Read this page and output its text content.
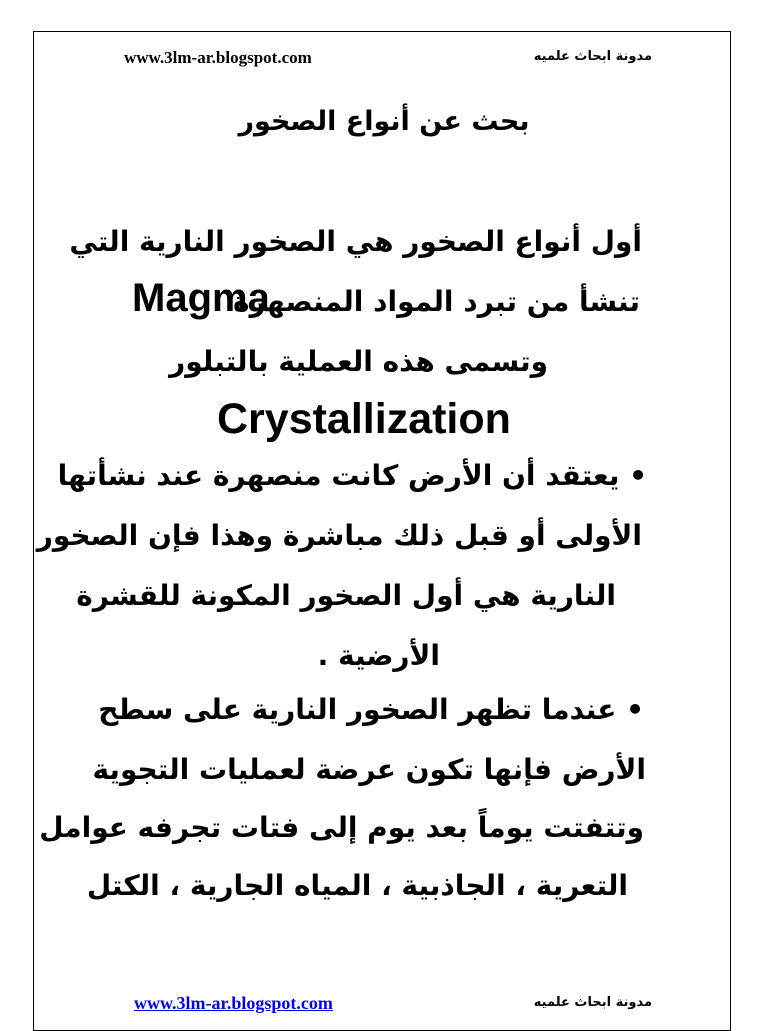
www.3lm-ar.blogspot.com	مدونة ابحاث علميه
بحث عن أنواع الصخور
أول أنواع الصخور هي الصخور النارية التي
تنشأ من تبرد المواد المنصهرة
Magma
وتسمى هذه العملية بالتبلور
Crystallization
• يعتقد أن الأرض كانت منصهرة عند نشأتها
الأولى أو قبل ذلك مباشرة وهذا فإن الصخور
النارية هي أول الصخور المكونة للقشرة
الأرضية .
• عندما تظهر الصخور النارية على سطح
الأرض فإنها تكون عرضة لعمليات التجوية
وتتفتت يوماً بعد يوم إلى فتات تجرفه عوامل
التعرية ، الجاذبية ، المياه الجارية ، الكتل
www.3lm-ar.blogspot.com	مدونة ابحاث علميه
